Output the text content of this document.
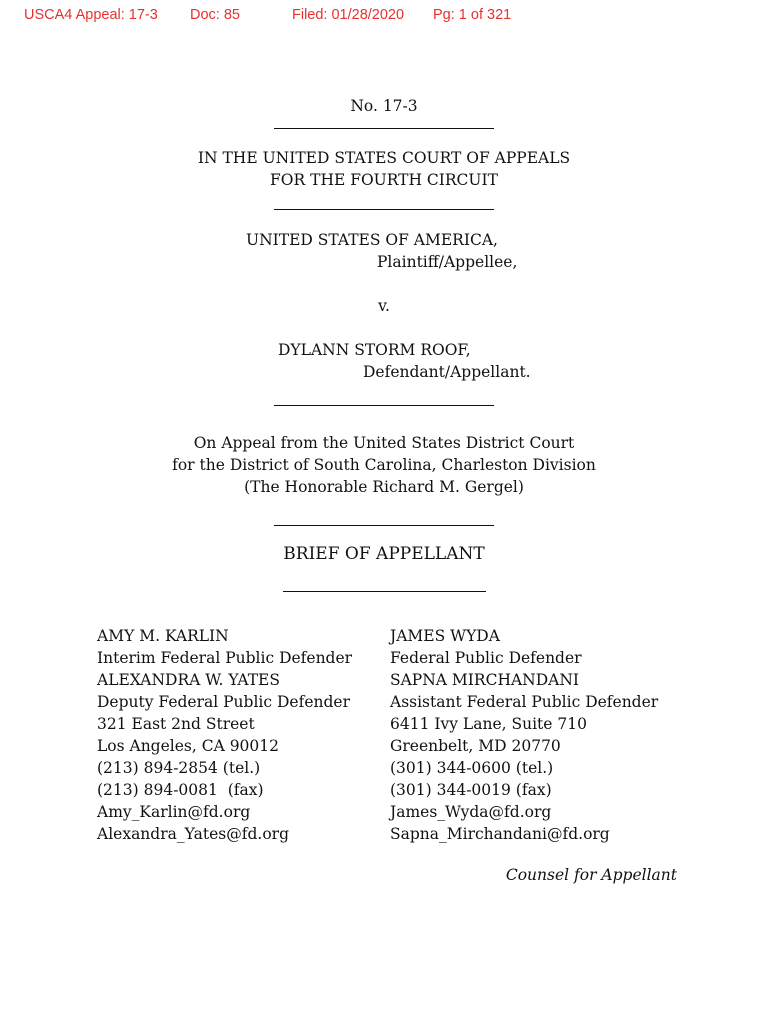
USCA4 Appeal: 17-3 Doc: 85	Filed: 01/28/2020 Pg: 1 of 321
No. 17-3
IN THE UNITED STATES COURT OF APPEALS
FOR THE FOURTH CIRCUIT
UNITED STATES OF AMERICA,
Plaintiff/Appellee,
v.
DYLANN STORM ROOF,
Defendant/Appellant.
On Appeal from the United States District Court
for the District of South Carolina, Charleston Division
(The Honorable Richard M. Gergel)
BRIEF OF APPELLANT
AMY M. KARLIN
Interim Federal Public Defender
ALEXANDRA W. YATES
Deputy Federal Public Defender
321 East 2nd Street
Los Angeles, CA 90012
(213) 894-2854 (tel.)
(213) 894-0081  (fax)
Amy_Karlin@fd.org
Alexandra_Yates@fd.org
JAMES WYDA
Federal Public Defender
SAPNA MIRCHANDANI
Assistant Federal Public Defender
6411 Ivy Lane, Suite 710
Greenbelt, MD 20770
(301) 344-0600 (tel.)
(301) 344-0019 (fax)
James_Wyda@fd.org
Sapna_Mirchandani@fd.org
Counsel for Appellant
